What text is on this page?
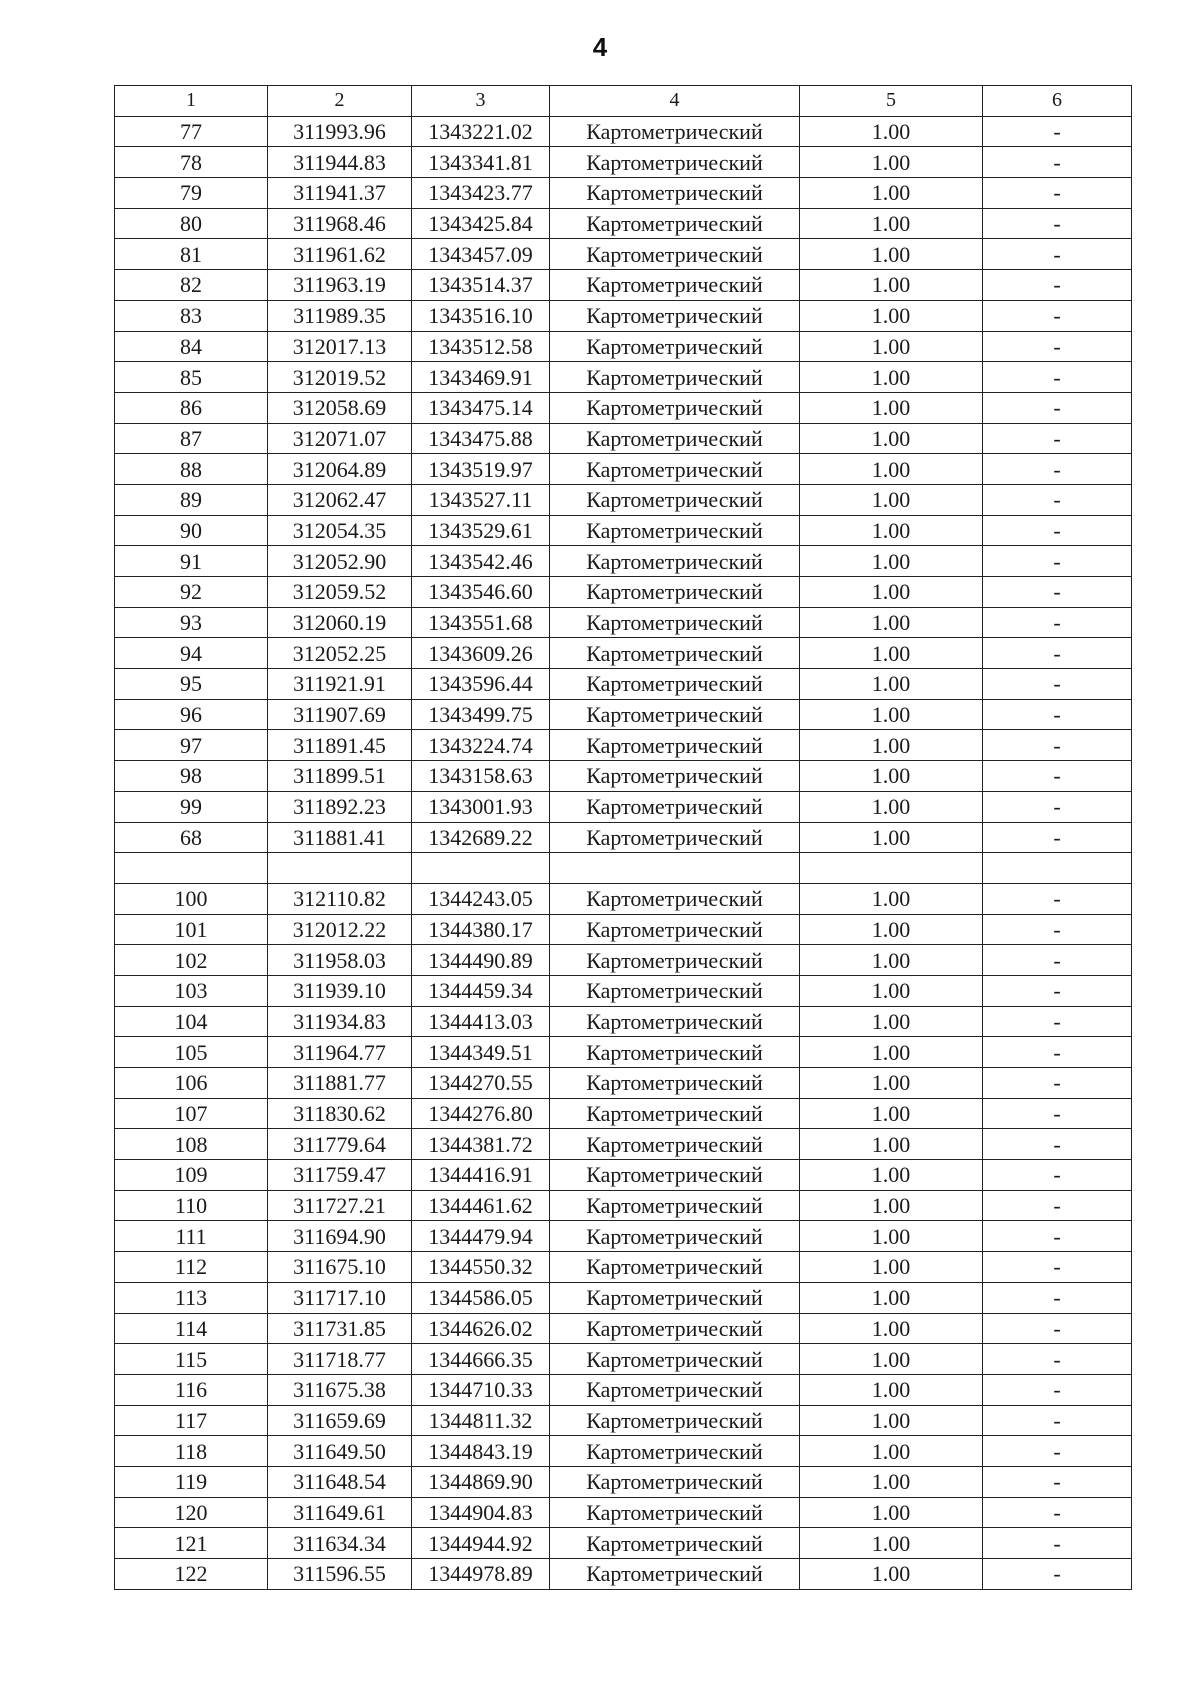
4
1	2	3	4	5	6
77	311993.96	1343221.02	Картометрический	1.00	-
78	311944.83	1343341.81	Картометрический	1.00	-
79	311941.37	1343423.77	Картометрический	1.00	-
80	311968.46	1343425.84	Картометрический	1.00	-
81	311961.62	1343457.09	Картометрический	1.00	-
82	311963.19	1343514.37	Картометрический	1.00	-
83	311989.35	1343516.10	Картометрический	1.00	-
84	312017.13	1343512.58	Картометрический	1.00	-
85	312019.52	1343469.91	Картометрический	1.00	-
86	312058.69	1343475.14	Картометрический	1.00	-
87	312071.07	1343475.88	Картометрический	1.00	-
88	312064.89	1343519.97	Картометрический	1.00	-
89	312062.47	1343527.11	Картометрический	1.00	-
90	312054.35	1343529.61	Картометрический	1.00	-
91	312052.90	1343542.46	Картометрический	1.00	-
92	312059.52	1343546.60	Картометрический	1.00	-
93	312060.19	1343551.68	Картометрический	1.00	-
94	312052.25	1343609.26	Картометрический	1.00	-
95	311921.91	1343596.44	Картометрический	1.00	-
96	311907.69	1343499.75	Картометрический	1.00	-
97	311891.45	1343224.74	Картометрический	1.00	-
98	311899.51	1343158.63	Картометрический	1.00	-
99	311892.23	1343001.93	Картометрический	1.00	-
68	311881.41	1342689.22	Картометрический	1.00	-

100	312110.82	1344243.05	Картометрический	1.00	-
101	312012.22	1344380.17	Картометрический	1.00	-
102	311958.03	1344490.89	Картометрический	1.00	-
103	311939.10	1344459.34	Картометрический	1.00	-
104	311934.83	1344413.03	Картометрический	1.00	-
105	311964.77	1344349.51	Картометрический	1.00	-
106	311881.77	1344270.55	Картометрический	1.00	-
107	311830.62	1344276.80	Картометрический	1.00	-
108	311779.64	1344381.72	Картометрический	1.00	-
109	311759.47	1344416.91	Картометрический	1.00	-
110	311727.21	1344461.62	Картометрический	1.00	-
111	311694.90	1344479.94	Картометрический	1.00	-
112	311675.10	1344550.32	Картометрический	1.00	-
113	311717.10	1344586.05	Картометрический	1.00	-
114	311731.85	1344626.02	Картометрический	1.00	-
115	311718.77	1344666.35	Картометрический	1.00	-
116	311675.38	1344710.33	Картометрический	1.00	-
117	311659.69	1344811.32	Картометрический	1.00	-
118	311649.50	1344843.19	Картометрический	1.00	-
119	311648.54	1344869.90	Картометрический	1.00	-
120	311649.61	1344904.83	Картометрический	1.00	-
121	311634.34	1344944.92	Картометрический	1.00	-
122	311596.55	1344978.89	Картометрический	1.00	-
